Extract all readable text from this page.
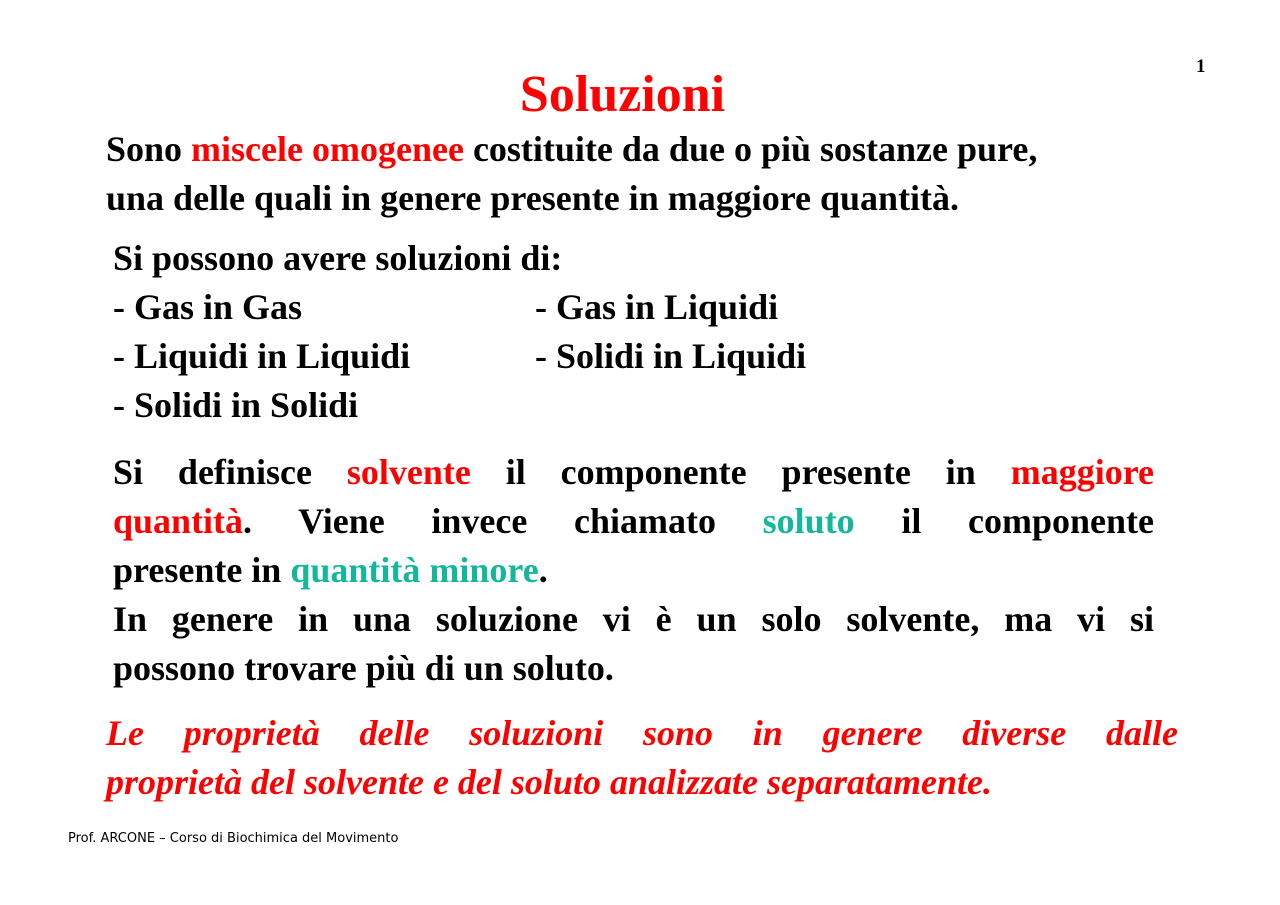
1
Soluzioni
Sono miscele omogenee costituite da due o più sostanze pure,
una delle quali in genere presente in maggiore quantità.
Si possono avere soluzioni di:
- Gas in Gas	- Gas in Liquidi
- Liquidi in Liquidi	- Solidi in Liquidi
- Solidi in Solidi
Si definisce solvente il componente presente in maggiore
quantità. Viene invece chiamato soluto il componente
presente in quantità minore.
In genere in una soluzione vi è un solo solvente, ma vi si
possono trovare più di un soluto.
Le proprietà delle soluzioni sono in genere diverse dalle
proprietà del solvente e del soluto analizzate separatamente.
Prof. ARCONE – Corso di Biochimica del Movimento
